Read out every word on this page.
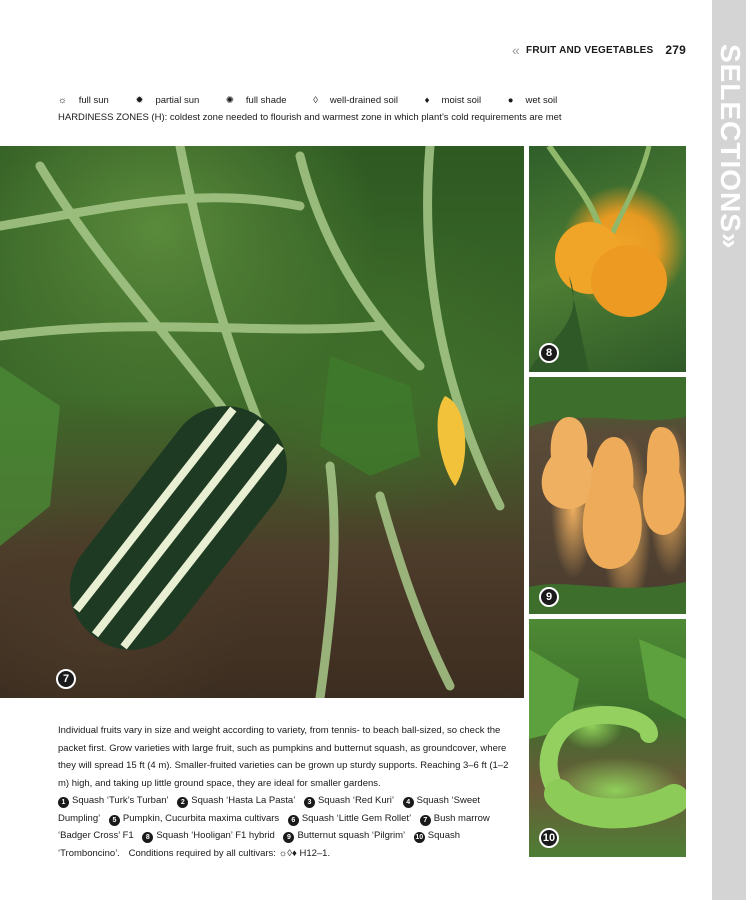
« FRUIT AND VEGETABLES 279 SELECTIONS»
☼ full sun	✹ partial sun	✺ full shade	◊ well-drained soil	♦ moist soil	● wet soil
HARDINESS ZONES (H): coldest zone needed to flourish and warmest zone in which plant’s cold requirements are met
7
8
9
10

Individual fruits vary in size and weight according to variety, from tennis- to beach ball-sized, so check the packet first. Grow varieties with large fruit, such as pumpkins and butternut squash, as groundcover, where they will spread 15 ft (4 m). Smaller-fruited varieties can be grown up sturdy supports. Reaching 3–6 ft (1–2 m) high, and taking up little ground space, they are ideal for smaller gardens.
1 Squash ‘Turk’s Turban’ 2 Squash ‘Hasta La Pasta’ 3 Squash ‘Red Kuri’ 4 Squash ‘Sweet Dumpling’ 5 Pumpkin, Cucurbita maxima cultivars 6 Squash ‘Little Gem Rollet’ 7 Bush marrow ‘Badger Cross’ F1 8 Squash ‘Hooligan’ F1 hybrid 9 Butternut squash ‘Pilgrim’ 10 Squash ‘Tromboncino’. Conditions required by all cultivars: ☼◊♦ H12–1.
